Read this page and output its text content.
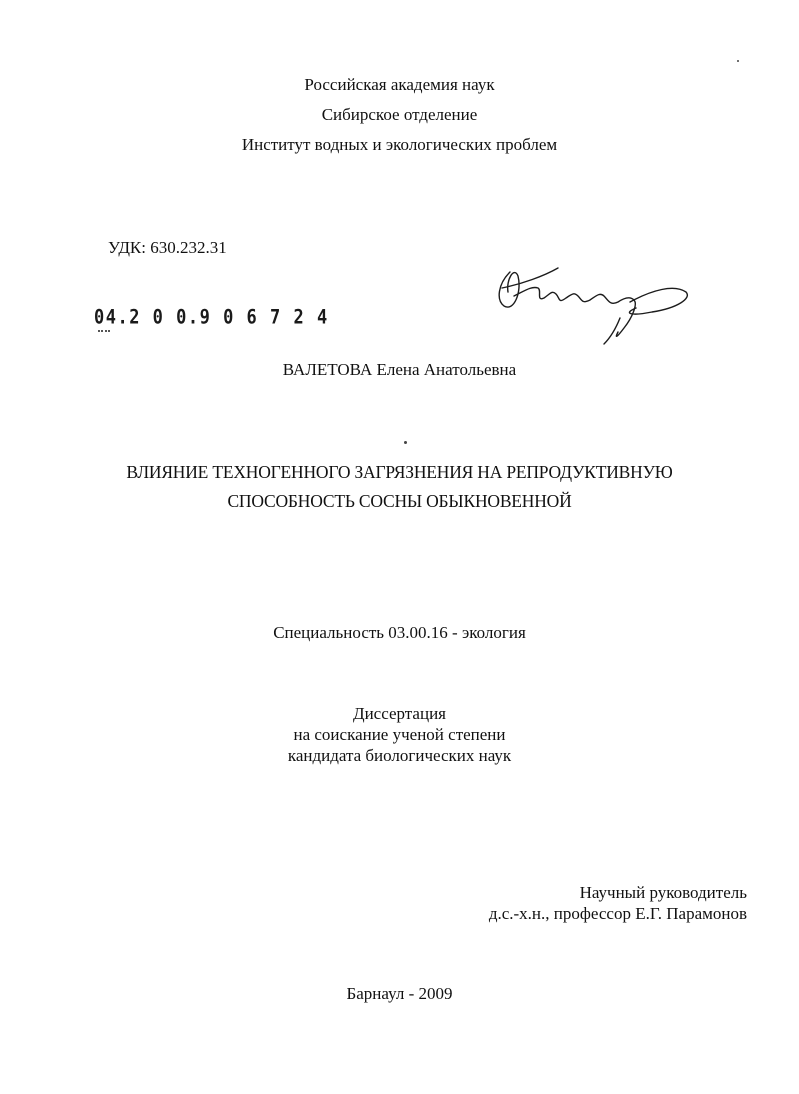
Российская академия наук
Сибирское отделение
Институт водных и экологических проблем
УДК: 630.232.31
04.2 0 0.9 0 6 7 2 4
ВАЛЕТОВА Елена Анатольевна
ВЛИЯНИЕ ТЕХНОГЕННОГО ЗАГРЯЗНЕНИЯ НА РЕПРОДУКТИВНУЮ
СПОСОБНОСТЬ СОСНЫ ОБЫКНОВЕННОЙ
Специальность 03.00.16 - экология
Диссертация
на соискание ученой степени
кандидата биологических наук
Научный руководитель
д.с.-х.н., профессор Е.Г. Парамонов
Барнаул - 2009
